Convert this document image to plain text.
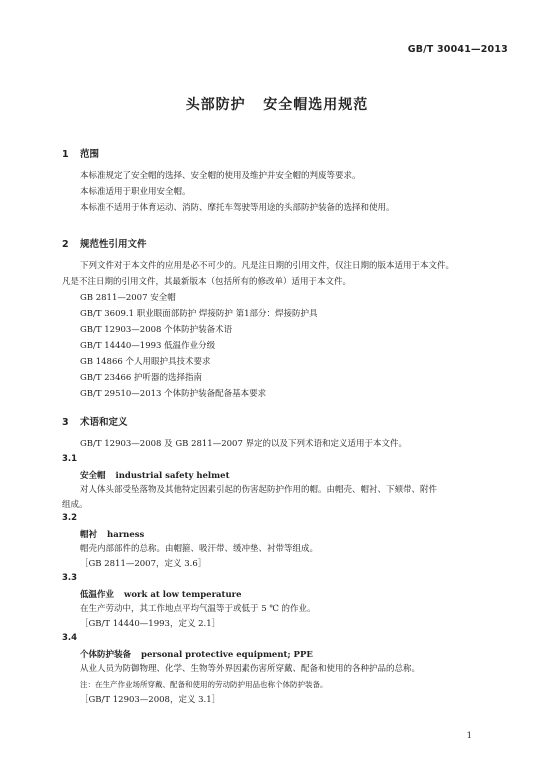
GB/T 30041—2013
头部防护   安全帽选用规范
1 范围
本标准规定了安全帽的选择、安全帽的使用及维护并安全帽的判废等要求。
本标准适用于职业用安全帽。
本标准不适用于体育运动、消防、摩托车驾驶等用途的头部防护装备的选择和使用。
2 规范性引用文件
下列文件对于本文件的应用是必不可少的。凡是注日期的引用文件，仅注日期的版本适用于本文件。
凡是不注日期的引用文件，其最新版本（包括所有的修改单）适用于本文件。
GB 2811—2007 安全帽
GB/T 3609.1 职业眼面部防护 焊接防护 第1部分：焊接防护具
GB/T 12903—2008 个体防护装备术语
GB/T 14440—1993 低温作业分级
GB 14866 个人用眼护具技术要求
GB/T 23466 护听器的选择指南
GB/T 29510—2013 个体防护装备配备基本要求
3 术语和定义
GB/T 12903—2008 及 GB 2811—2007 界定的以及下列术语和定义适用于本文件。
3.1
安全帽 industrial safety helmet
对人体头部受坠落物及其他特定因素引起的伤害起防护作用的帽。由帽壳、帽衬、下颏带、附件
组成。
3.2
帽衬 harness
帽壳内部部件的总称。由帽箍、吸汗带、缓冲垫、衬带等组成。
［GB 2811—2007，定义 3.6］
3.3
低温作业 work at low temperature
在生产劳动中，其工作地点平均气温等于或低于 5 ℃ 的作业。
［GB/T 14440—1993，定义 2.1］
3.4
个体防护装备 personal protective equipment; PPE
从业人员为防御物理、化学、生物等外界因素伤害所穿戴、配备和使用的各种护品的总称。
注：在生产作业场所穿戴、配备和使用的劳动防护用品也称个体防护装备。
［GB/T 12903—2008，定义 3.1］
1
